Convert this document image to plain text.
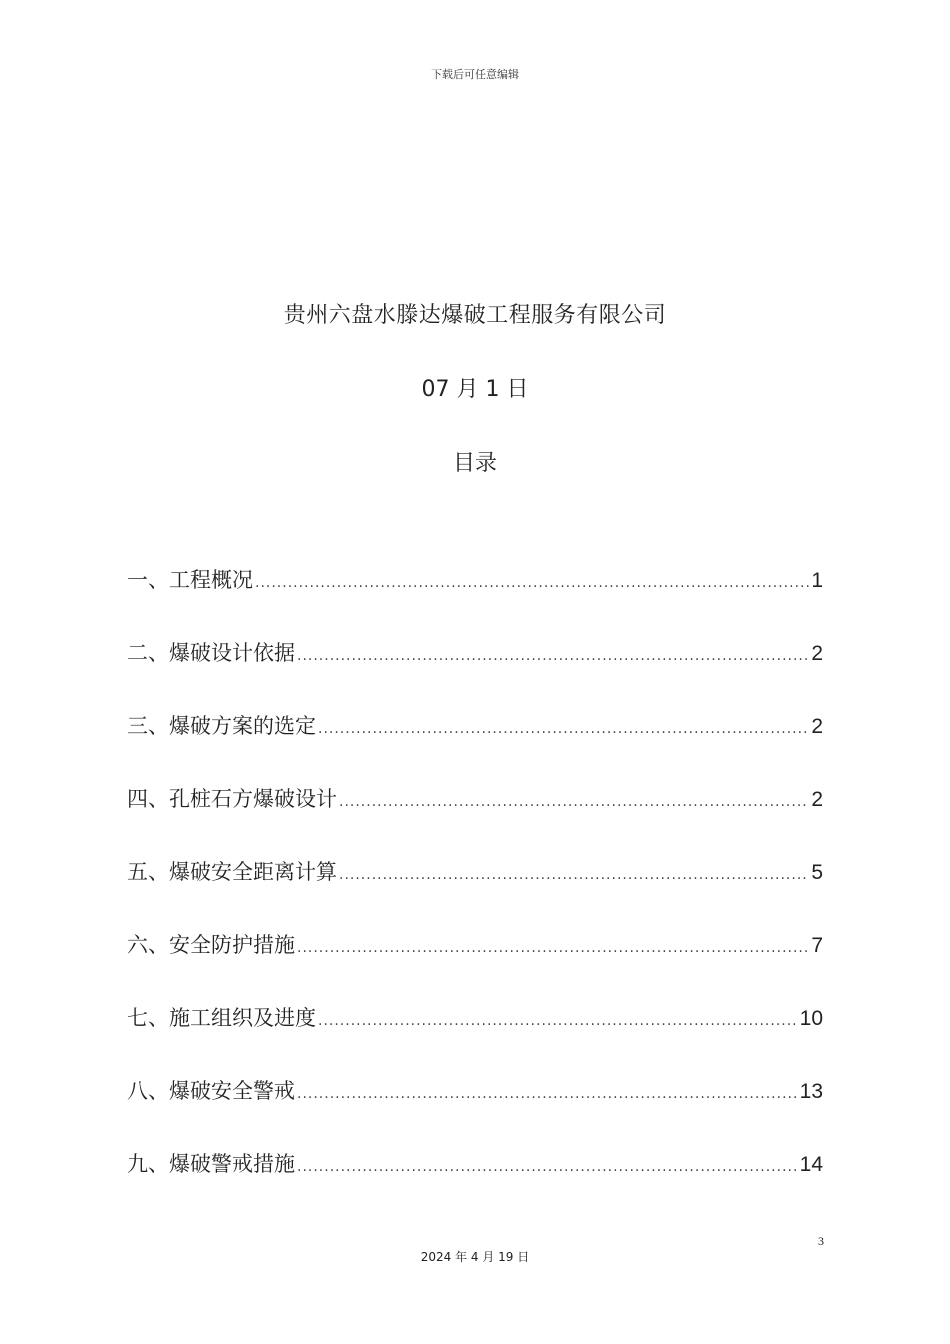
下载后可任意编辑
贵州六盘水滕达爆破工程服务有限公司
07 月 1 日
目录
一、工程概况 .....	1
二、爆破设计依据 .....	2
三、爆破方案的选定 .....	2
四、孔桩石方爆破设计 .....	2
五、爆破安全距离计算 .....	5
六、安全防护措施 .....	7
七、施工组织及进度 .....	10
八、爆破安全警戒 .....	13
九、爆破警戒措施 .....	14
3
2024 年 4 月 19 日
